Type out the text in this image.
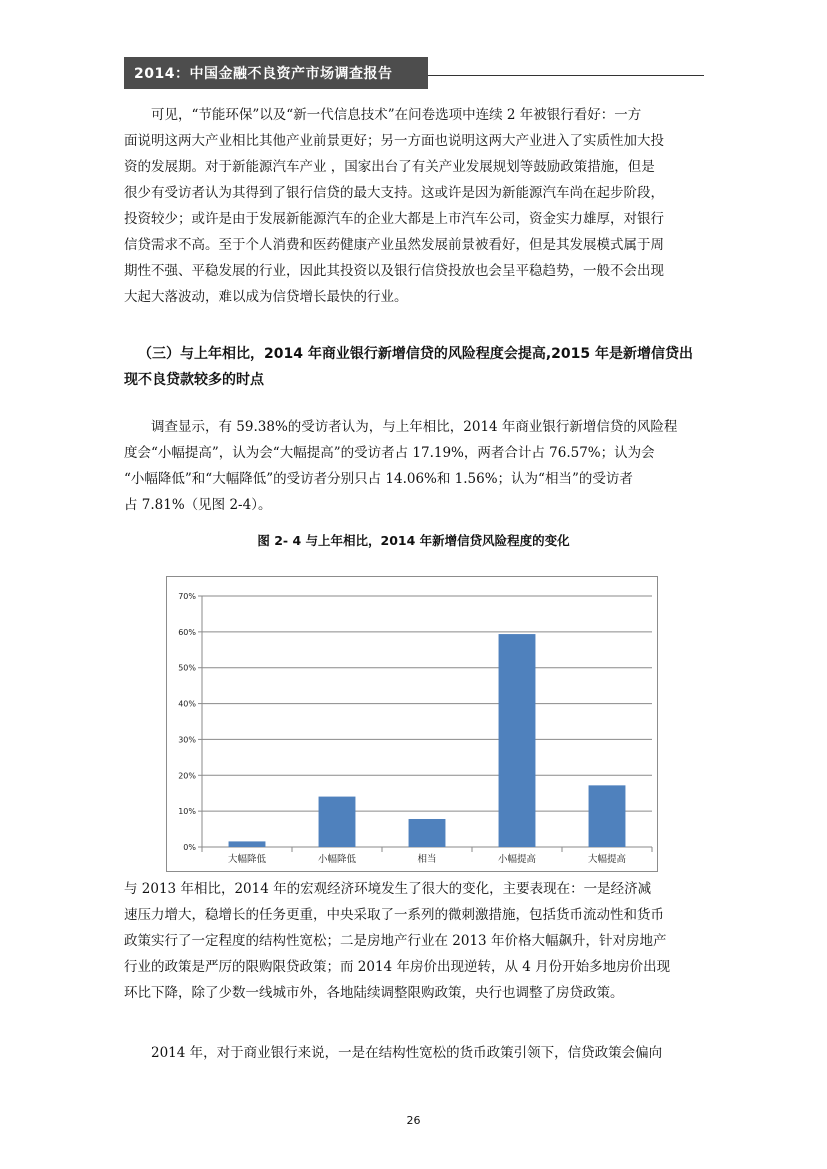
2014：中国金融不良资产市场调查报告
可见，“节能环保”以及“新一代信息技术”在问卷选项中连续 2 年被银行看好：一方
面说明这两大产业相比其他产业前景更好；另一方面也说明这两大产业进入了实质性加大投
资的发展期。对于新能源汽车产业 ，国家出台了有关产业发展规划等鼓励政策措施，但是
很少有受访者认为其得到了银行信贷的最大支持。这或许是因为新能源汽车尚在起步阶段，
投资较少；或许是由于发展新能源汽车的企业大都是上市汽车公司，资金实力雄厚，对银行
信贷需求不高。至于个人消费和医药健康产业虽然发展前景被看好，但是其发展模式属于周
期性不强、平稳发展的行业，因此其投资以及银行信贷投放也会呈平稳趋势，一般不会出现
大起大落波动，难以成为信贷增长最快的行业。
（三）与上年相比，2014 年商业银行新增信贷的风险程度会提高,2015 年是新增信贷出
现不良贷款较多的时点
调查显示，有 59.38%的受访者认为，与上年相比，2014 年商业银行新增信贷的风险程
度会“小幅提高”，认为会“大幅提高”的受访者占 17.19%，两者合计占 76.57%；认为会
“小幅降低”和“大幅降低”的受访者分别只占 14.06%和 1.56%；认为“相当”的受访者
占 7.81%（见图 2-4）。
图 2- 4 与上年相比，2014 年新增信贷风险程度的变化
0%
10%
20%
30%
40%
50%
60%
70%
大幅降低	小幅降低	相当	小幅提高	大幅提高
与 2013 年相比，2014 年的宏观经济环境发生了很大的变化，主要表现在：一是经济减
速压力增大，稳增长的任务更重，中央采取了一系列的微刺激措施，包括货币流动性和货币
政策实行了一定程度的结构性宽松；二是房地产行业在 2013 年价格大幅飙升，针对房地产
行业的政策是严厉的限购限贷政策；而 2014 年房价出现逆转，从 4 月份开始多地房价出现
环比下降，除了少数一线城市外，各地陆续调整限购政策，央行也调整了房贷政策。
2014 年，对于商业银行来说，一是在结构性宽松的货币政策引领下，信贷政策会偏向
26
